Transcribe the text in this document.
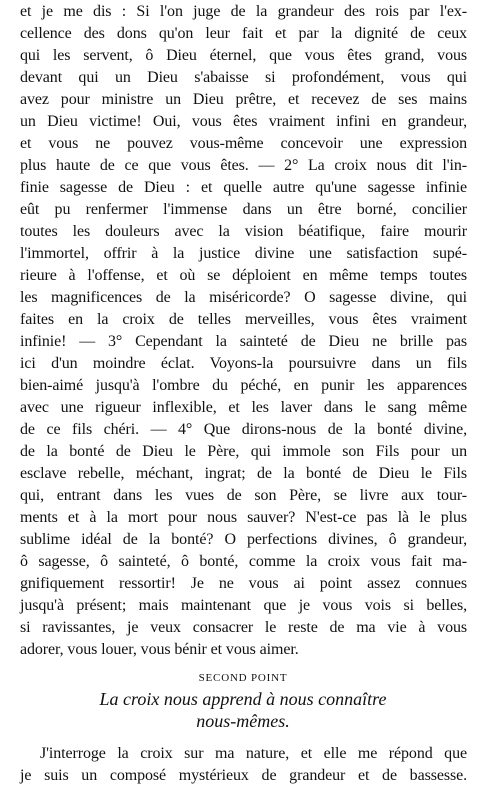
et je me dis : Si l'on juge de la grandeur des rois par l'ex-
cellence des dons qu'on leur fait et par la dignité de ceux
qui les servent, ô Dieu éternel, que vous êtes grand, vous
devant qui un Dieu s'abaisse si profondément, vous qui
avez pour ministre un Dieu prêtre, et recevez de ses mains
un Dieu victime! Oui, vous êtes vraiment infini en grandeur,
et vous ne pouvez vous-même concevoir une expression
plus haute de ce que vous êtes. — 2° La croix nous dit l'in-
finie sagesse de Dieu : et quelle autre qu'une sagesse infinie
eût pu renfermer l'immense dans un être borné, concilier
toutes les douleurs avec la vision béatifique, faire mourir
l'immortel, offrir à la justice divine une satisfaction supé-
rieure à l'offense, et où se déploient en même temps toutes
les magnificences de la miséricorde? O sagesse divine, qui
faites en la croix de telles merveilles, vous êtes vraiment
infinie! — 3° Cependant la sainteté de Dieu ne brille pas
ici d'un moindre éclat. Voyons-la poursuivre dans un fils
bien-aimé jusqu'à l'ombre du péché, en punir les apparences
avec une rigueur inflexible, et les laver dans le sang même
de ce fils chéri. — 4° Que dirons-nous de la bonté divine,
de la bonté de Dieu le Père, qui immole son Fils pour un
esclave rebelle, méchant, ingrat; de la bonté de Dieu le Fils
qui, entrant dans les vues de son Père, se livre aux tour-
ments et à la mort pour nous sauver? N'est-ce pas là le plus
sublime idéal de la bonté? O perfections divines, ô grandeur,
ô sagesse, ô sainteté, ô bonté, comme la croix vous fait ma-
gnifiquement ressortir! Je ne vous ai point assez connues
jusqu'à présent; mais maintenant que je vous vois si belles,
si ravissantes, je veux consacrer le reste de ma vie à vous
adorer, vous louer, vous bénir et vous aimer.
SECOND POINT
La croix nous apprend à nous connaître
nous-mêmes.
J'interroge la croix sur ma nature, et elle me répond que
je suis un composé mystérieux de grandeur et de bassesse.
